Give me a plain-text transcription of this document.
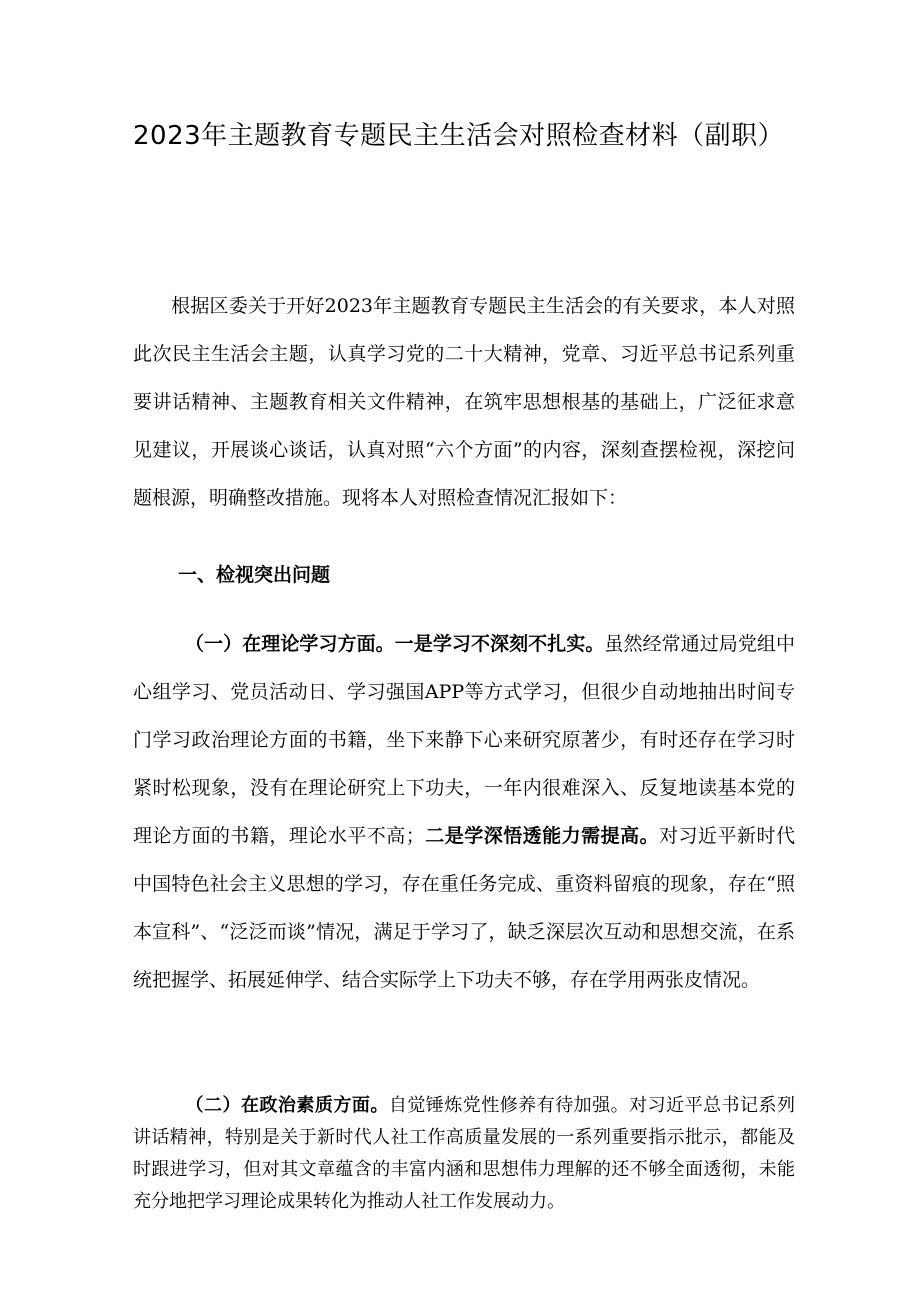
2023年主题教育专题民主生活会对照检查材料（副职）

根据区委关于开好2023年主题教育专题民主生活会的有关要求，本人对照此次民主生活会主题，认真学习党的二十大精神，党章、习近平总书记系列重要讲话精神、主题教育相关文件精神，在筑牢思想根基的基础上，广泛征求意见建议，开展谈心谈话，认真对照“六个方面”的内容，深刻查摆检视，深挖问题根源，明确整改措施。现将本人对照检查情况汇报如下：

一、检视突出问题

（一）在理论学习方面。一是学习不深刻不扎实。虽然经常通过局党组中心组学习、党员活动日、学习强国APP等方式学习，但很少自动地抽出时间专门学习政治理论方面的书籍，坐下来静下心来研究原著少，有时还存在学习时紧时松现象，没有在理论研究上下功夫，一年内很难深入、反复地读基本党的理论方面的书籍，理论水平不高；二是学深悟透能力需提高。对习近平新时代中国特色社会主义思想的学习，存在重任务完成、重资料留痕的现象，存在“照本宣科”、“泛泛而谈”情况，满足于学习了，缺乏深层次互动和思想交流，在系统把握学、拓展延伸学、结合实际学上下功夫不够，存在学用两张皮情况。

（二）在政治素质方面。自觉锤炼党性修养有待加强。对习近平总书记系列讲话精神，特别是关于新时代人社工作高质量发展的一系列重要指示批示，都能及时跟进学习，但对其文章蕴含的丰富内涵和思想伟力理解的还不够全面透彻，未能充分地把学习理论成果转化为推动人社工作发展动力。
